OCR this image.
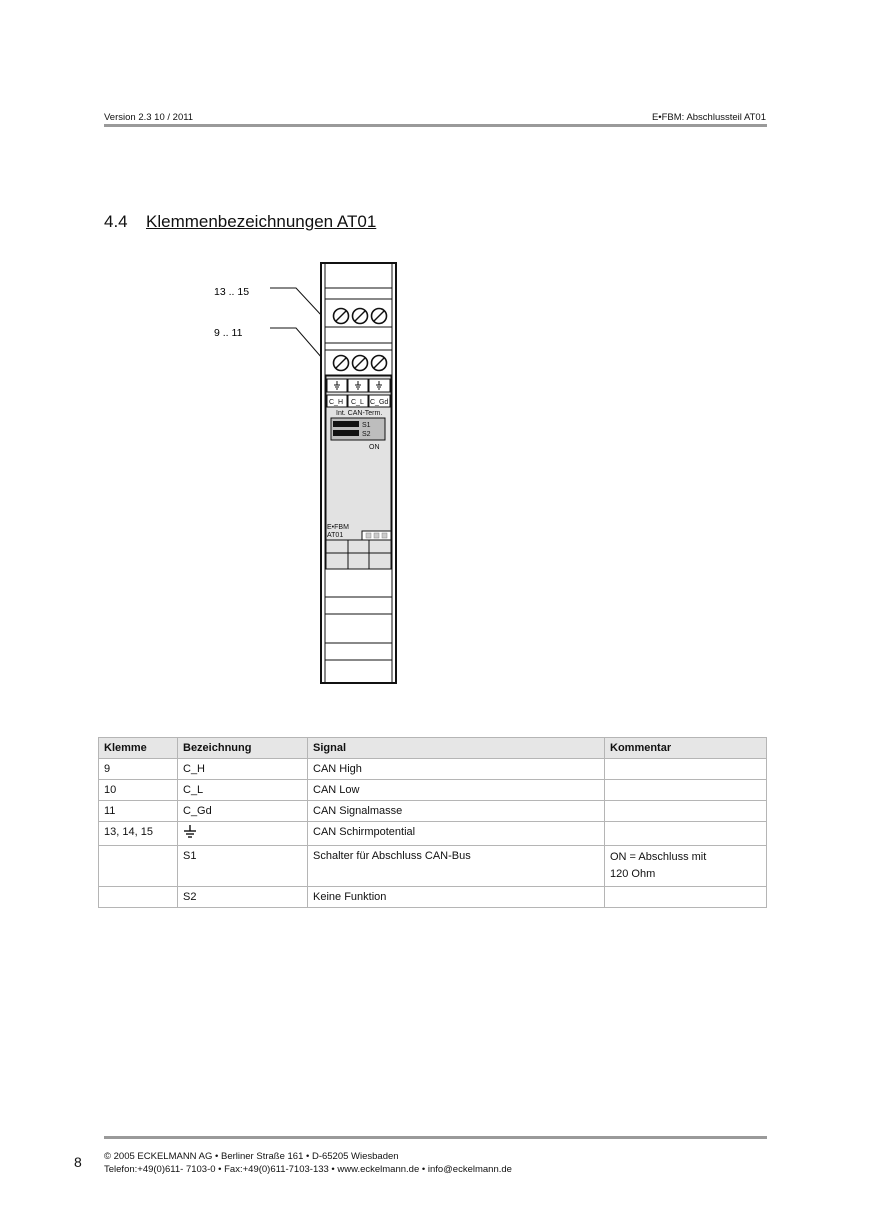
Version 2.3 10 / 2011	E•FBM: Abschlussteil AT01
4.4 Klemmenbezeichnungen AT01
13 .. 15
9 .. 11
C_H C_L C_Gd
Int. CAN-Term.
S1
S2
ON
E•FBM
AT01
Klemme	Bezeichnung	Signal	Kommentar
9	C_H	CAN High	
10	C_L	CAN Low	
11	C_Gd	CAN Signalmasse	
13, 14, 15		CAN Schirmpotential	
	S1	Schalter für Abschluss CAN-Bus	ON = Abschluss mit
120 Ohm

	S2	Keine Funktion	
8 © 2005 ECKELMANN AG • Berliner Straße 161 • D-65205 Wiesbaden
Telefon:+49(0)611- 7103-0 • Fax:+49(0)611-7103-133 • www.eckelmann.de • info@eckelmann.de
